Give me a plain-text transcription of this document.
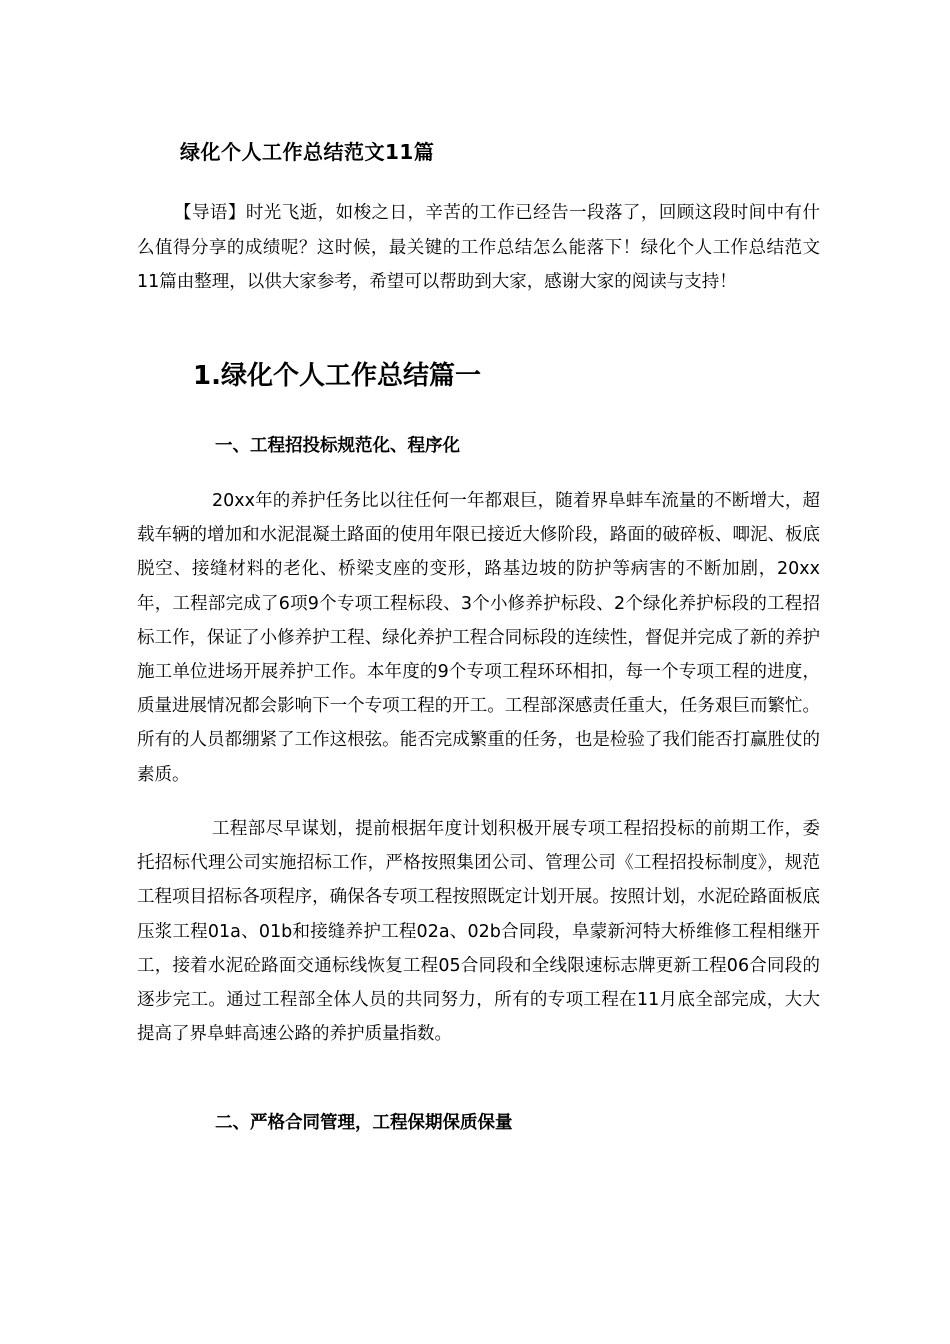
绿化个人工作总结范文11篇

【导语】时光飞逝，如梭之日，辛苦的工作已经告一段落了，回顾这段时间中有什么值得分享的成绩呢？这时候，最关键的工作总结怎么能落下！绿化个人工作总结范文11篇由整理，以供大家参考，希望可以帮助到大家，感谢大家的阅读与支持！

1.绿化个人工作总结篇一
一、工程招投标规范化、程序化

20xx年的养护任务比以往任何一年都艰巨，随着界阜蚌车流量的不断增大，超载车辆的增加和水泥混凝土路面的使用年限已接近大修阶段，路面的破碎板、唧泥、板底脱空、接缝材料的老化、桥梁支座的变形，路基边坡的防护等病害的不断加剧，20xx年，工程部完成了6项9个专项工程标段、3个小修养护标段、2个绿化养护标段的工程招标工作，保证了小修养护工程、绿化养护工程合同标段的连续性，督促并完成了新的养护施工单位进场开展养护工作。本年度的9个专项工程环环相扣，每一个专项工程的进度，质量进展情况都会影响下一个专项工程的开工。工程部深感责任重大，任务艰巨而繁忙。所有的人员都绷紧了工作这根弦。能否完成繁重的任务，也是检验了我们能否打赢胜仗的素质。

工程部尽早谋划，提前根据年度计划积极开展专项工程招投标的前期工作，委托招标代理公司实施招标工作，严格按照集团公司、管理公司《工程招投标制度》，规范工程项目招标各项程序，确保各专项工程按照既定计划开展。按照计划，水泥砼路面板底压浆工程01a、01b和接缝养护工程02a、02b合同段，阜蒙新河特大桥维修工程相继开工，接着水泥砼路面交通标线恢复工程05合同段和全线限速标志牌更新工程06合同段的逐步完工。通过工程部全体人员的共同努力，所有的专项工程在11月底全部完成，大大提高了界阜蚌高速公路的养护质量指数。

二、严格合同管理，工程保期保质保量
